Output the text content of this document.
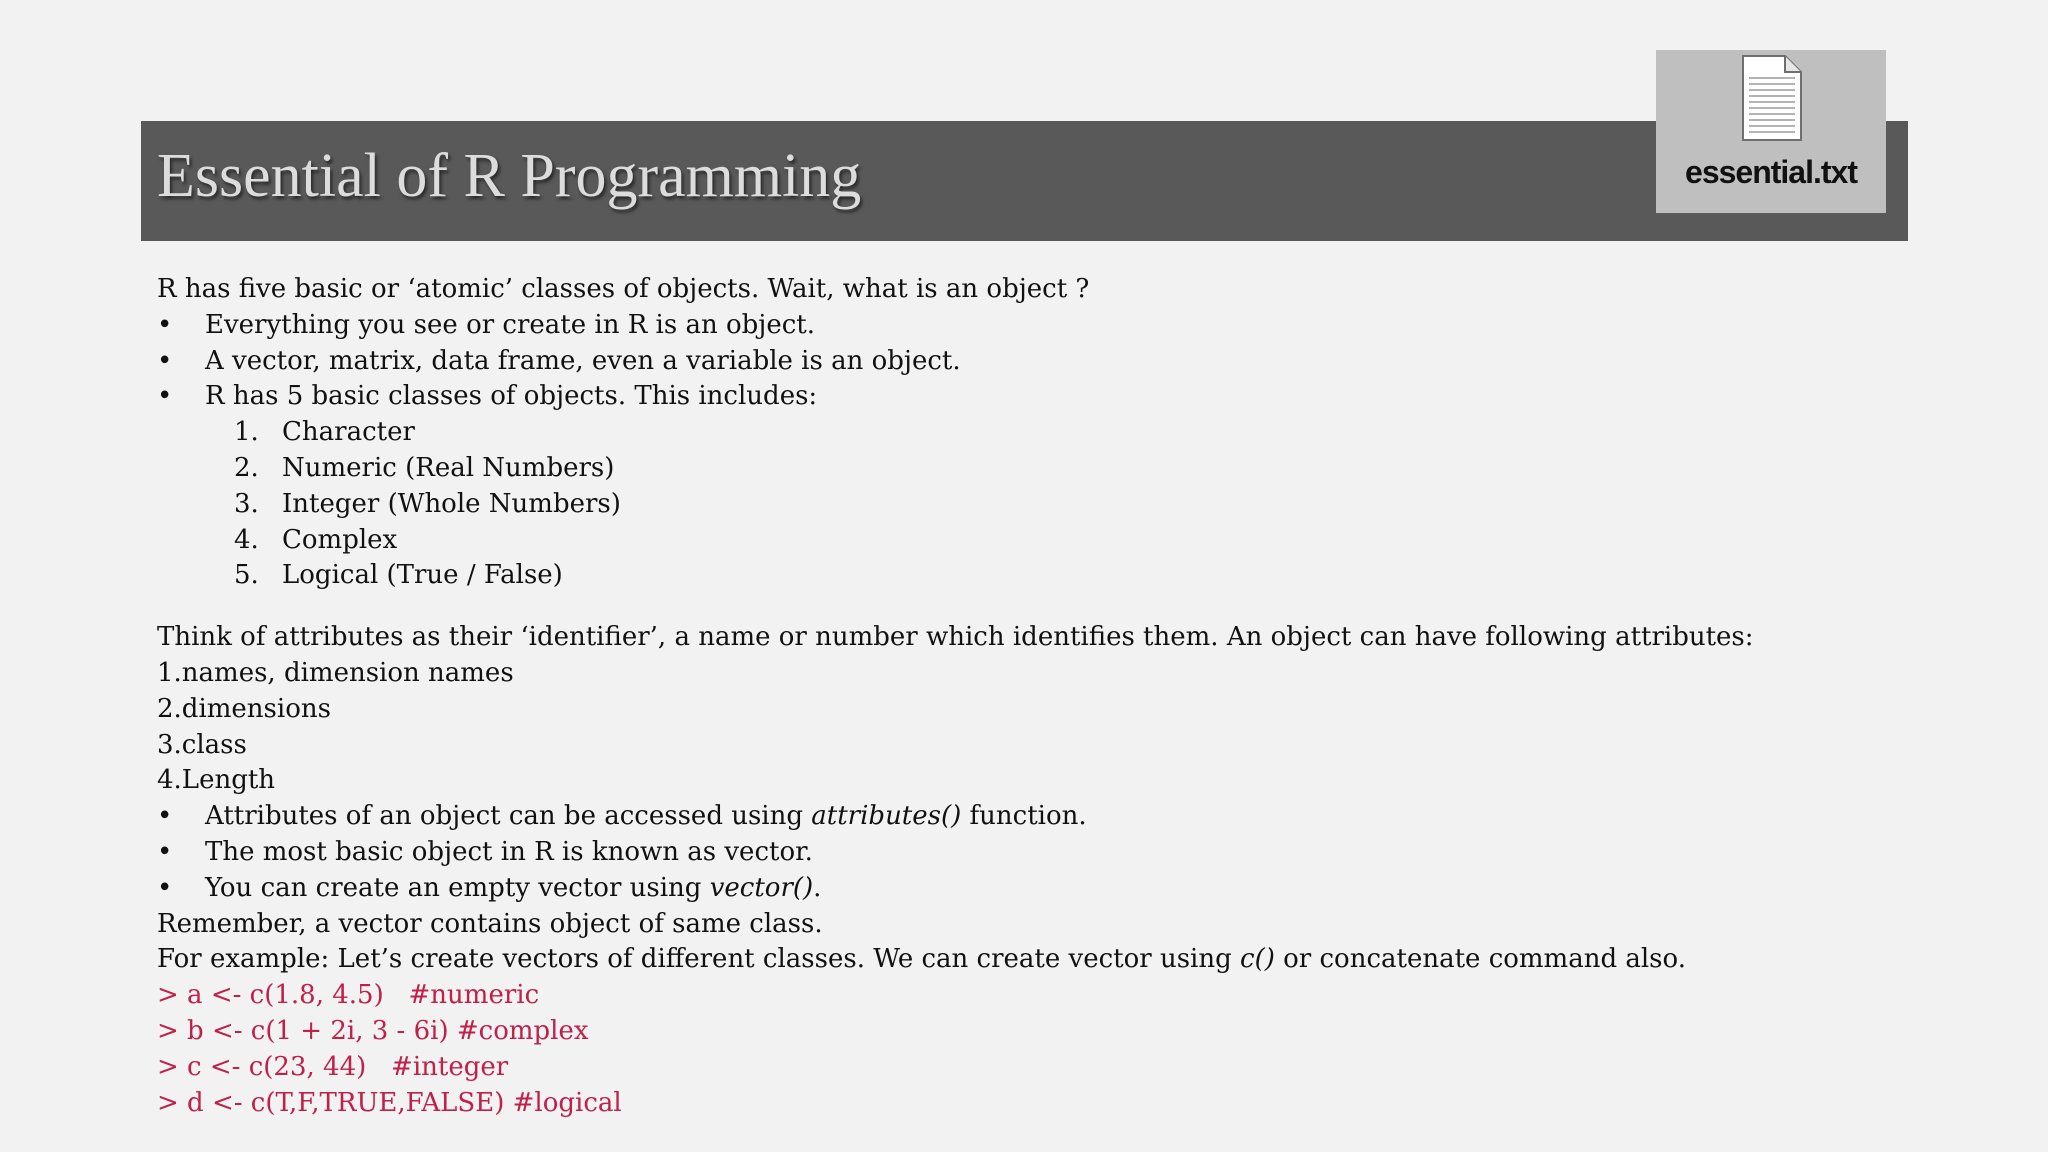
Essential of R Programming	essential.txt
R has five basic or ‘atomic’ classes of objects. Wait, what is an object ?
• Everything you see or create in R is an object.
• A vector, matrix, data frame, even a variable is an object.
• R has 5 basic classes of objects. This includes:
1. Character
2. Numeric (Real Numbers)
3. Integer (Whole Numbers)
4. Complex
5. Logical (True / False)
Think of attributes as their ‘identifier’, a name or number which identifies them. An object can have following attributes:
1.names, dimension names
2.dimensions
3.class
4.Length
• Attributes of an object can be accessed using attributes() function.
• The most basic object in R is known as vector.
• You can create an empty vector using vector().
Remember, a vector contains object of same class.
For example: Let’s create vectors of different classes. We can create vector using c() or concatenate command also.
> a <- c(1.8, 4.5)   #numeric
> b <- c(1 + 2i, 3 - 6i) #complex
> c <- c(23, 44)   #integer
> d <- c(T,F,TRUE,FALSE) #logical
